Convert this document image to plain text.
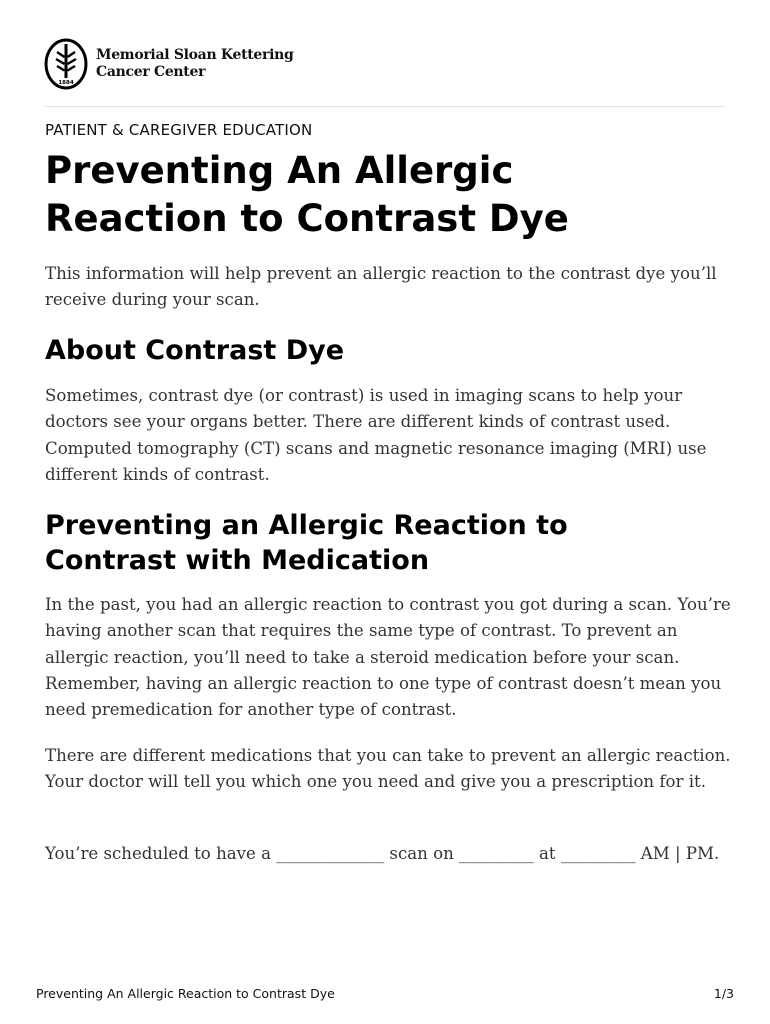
1884
Memorial Sloan Kettering
Cancer Center
PATIENT & CAREGIVER EDUCATION
Preventing An Allergic
Reaction to Contrast Dye

This information will help prevent an allergic reaction to the contrast dye you’ll receive during your scan.

About Contrast Dye

Sometimes, contrast dye (or contrast) is used in imaging scans to help your doctors see your organs better. There are different kinds of contrast used. Computed tomography (CT) scans and magnetic resonance imaging (MRI) use different kinds of contrast.

Preventing an Allergic Reaction to
Contrast with Medication

In the past, you had an allergic reaction to contrast you got during a scan. You’re having another scan that requires the same type of contrast. To prevent an allergic reaction, you’ll need to take a steroid medication before your scan. Remember, having an allergic reaction to one type of contrast doesn’t mean you need premedication for another type of contrast.

There are different medications that you can take to prevent an allergic reaction. Your doctor will tell you which one you need and give you a prescription for it.

You’re scheduled to have a _____________ scan on _________ at _________ AM | PM.

Preventing An Allergic Reaction to Contrast Dye	1/3
